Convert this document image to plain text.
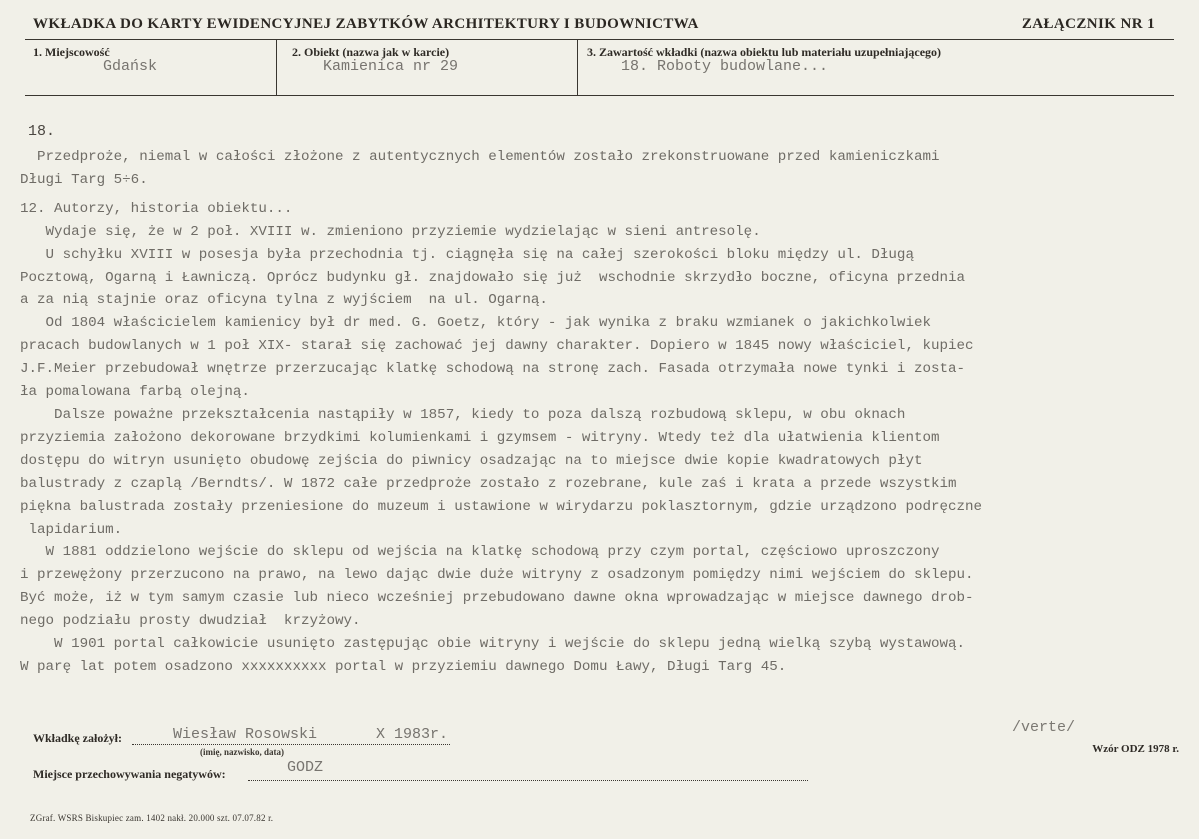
WKŁADKA DO KARTY EWIDENCYJNEJ ZABYTKÓW ARCHITEKTURY I BUDOWNICTWA	ZAŁĄCZNIK NR 1
1. Miejscowość
Gdańsk
2. Obiekt (nazwa jak w karcie)
Kamienica nr 29
3. Zawartość wkładki (nazwa obiektu lub materiału uzupełniającego)
18. Roboty budowlane...
18.
Przedproże, niemal w całości złożone z autentycznych elementów zostało zrekonstruowane przed kamieniczkami
Długi Targ 5÷6.
12. Autorzy, historia obiektu...
Wydaje się, że w 2 poł. XVIII w. zmieniono przyziemie wydzielając w sieni antresolę.
U schyłku XVIII w posesja była przechodnia tj. ciągnęła się na całej szerokości bloku między ul. Długą
Pocztową, Ogarną i Ławniczą. Oprócz budynku gł. znajdowało się już  wschodnie skrzydło boczne, oficyna przednia
a za nią stajnie oraz oficyna tylna z wyjściem  na ul. Ogarną.
Od 1804 właścicielem kamienicy był dr med. G. Goetz, który - jak wynika z braku wzmianek o jakichkolwiek
pracach budowlanych w 1 poł XIX- starał się zachować jej dawny charakter. Dopiero w 1845 nowy właściciel, kupiec
J.F.Meier przebudował wnętrze przerzucając klatkę schodową na stronę zach. Fasada otrzymała nowe tynki i zosta-
ła pomalowana farbą olejną.
Dalsze poważne przekształcenia nastąpiły w 1857, kiedy to poza dalszą rozbudową sklepu, w obu oknach
przyziemia założono dekorowane brzydkimi kolumienkami i gzymsem - witryny. Wtedy też dla ułatwienia klientom
dostępu do witryn usunięto obudowę zejścia do piwnicy osadzając na to miejsce dwie kopie kwadratowych płyt
balustrady z czaplą /Berndts/. W 1872 całe przedproże zostało z rozebrane, kule zaś i krata a przede wszystkim
piękna balustrada zostały przeniesione do muzeum i ustawione w wirydarzu poklasztornym, gdzie urządzono podręczne
lapidarium.
W 1881 oddzielono wejście do sklepu od wejścia na klatkę schodową przy czym portal, częściowo uproszczony
i przewężony przerzucono na prawo, na lewo dając dwie duże witryny z osadzonym pomiędzy nimi wejściem do sklepu.
Być może, iż w tym samym czasie lub nieco wcześniej przebudowano dawne okna wprowadzając w miejsce dawnego drob-
nego podziału prosty dwudział  krzyżowy.
W 1901 portal całkowicie usunięto zastępując obie witryny i wejście do sklepu jedną wielką szybą wystawową.
W parę lat potem osadzono xxxxxxxxxx portal w przyziemiu dawnego Domu Ławy, Długi Targ 45.
/verte/
Wkładkę założył:	Wiesław Rosowski	X 1983r.
(imię, nazwisko, data)	Wzór ODZ 1978 r.
Miejsce przechowywania negatywów:	GODZ
ZGraf. WSRS Biskupiec zam. 1402 nakł. 20.000 szt. 07.07.82 r.
